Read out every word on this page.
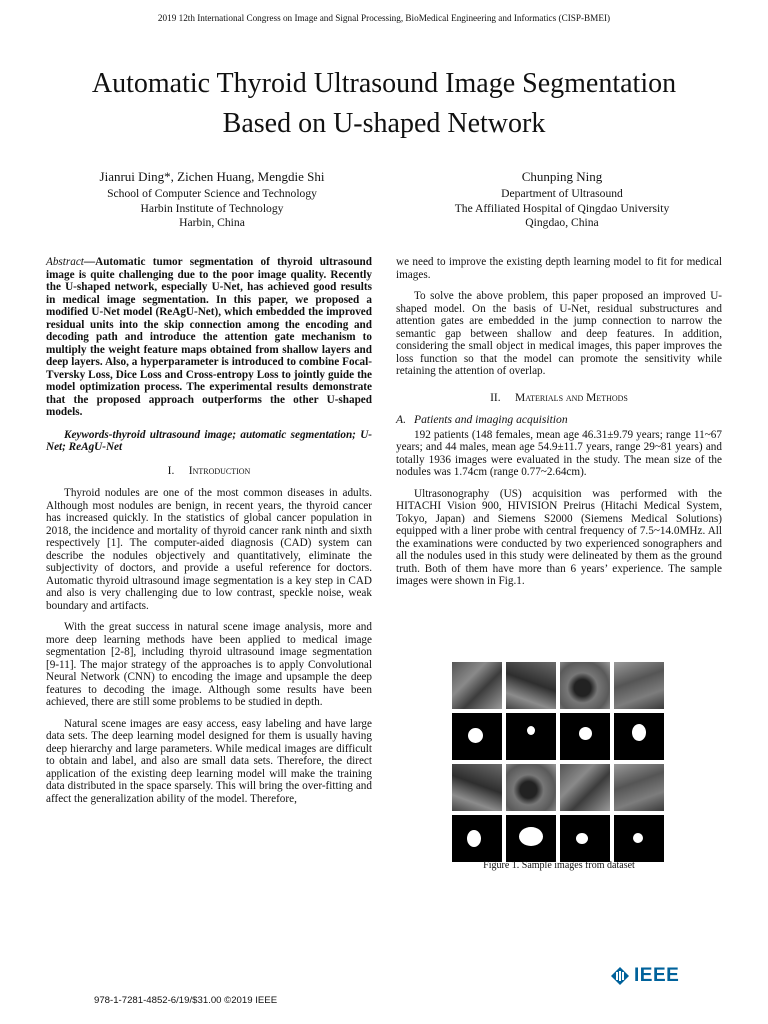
2019 12th International Congress on Image and Signal Processing, BioMedical Engineering and Informatics (CISP-BMEI)
Automatic Thyroid Ultrasound Image Segmentation
Based on U-shaped Network
Jianrui Ding*, Zichen Huang, Mengdie Shi
School of Computer Science and Technology
Harbin Institute of Technology
Harbin, China
Chunping Ning
Department of Ultrasound
The Affiliated Hospital of Qingdao University
Qingdao, China

Abstract—Automatic tumor segmentation of thyroid ultrasound image is quite challenging due to the poor image quality. Recently the U-shaped network, especially U-Net, has achieved good results in medical image segmentation. In this paper, we proposed a modified U-Net model (ReAgU-Net), which embedded the improved residual units into the skip connection among the encoding and decoding path and introduce the attention gate mechanism to multiply the weight feature maps obtained from shallow layers and deep layers. Also, a hyperparameter is introduced to combine Focal-Tversky Loss, Dice Loss and Cross-entropy Loss to jointly guide the model optimization process. The experimental results demonstrate that the proposed approach outperforms the other U-shaped models.

Keywords-thyroid ultrasound image; automatic segmentation; U-Net; ReAgU-Net

I. Introduction

Thyroid nodules are one of the most common diseases in adults. Although most nodules are benign, in recent years, the thyroid cancer has increased quickly. In the statistics of global cancer population in 2018, the incidence and mortality of thyroid cancer rank ninth and sixth respectively [1]. The computer-aided diagnosis (CAD) system can describe the nodules objectively and quantitatively, eliminate the subjectivity of doctors, and provide a useful reference for doctors. Automatic thyroid ultrasound image segmentation is a key step in CAD and also is very challenging due to low contrast, speckle noise, weak boundary and artifacts.

With the great success in natural scene image analysis, more and more deep learning methods have been applied to medical image segmentation [2-8], including thyroid ultrasound image segmentation [9-11]. The major strategy of the approaches is to apply Convolutional Neural Network (CNN) to encoding the image and upsample the deep features to decoding the image. Although some results have been achieved, there are still some problems to be studied in depth.

Natural scene images are easy access, easy labeling and have large data sets. The deep learning model designed for them is usually having deep hierarchy and large parameters. While medical images are difficult to obtain and label, and also are small data sets. Therefore, the direct application of the existing deep learning model will make the training data distributed in the space sparsely. This will bring the over-fitting and affect the generalization ability of the model. Therefore,

we need to improve the existing depth learning model to fit for medical images.

To solve the above problem, this paper proposed an improved U-shaped model. On the basis of U-Net, residual substructures and attention gates are embedded in the jump connection to narrow the semantic gap between shallow and deep features. In addition, considering the small object in medical images, this paper improves the loss function so that the model can promote the sensitivity while retaining the attention of overlap.

II. Materials and Methods
A. Patients and imaging acquisition

192 patients (148 females, mean age 46.31±9.79 years; range 11~67 years; and 44 males, mean age 54.9±11.7 years, range 29~81 years) and totally 1936 images were evaluated in the study. The mean size of the nodules was 1.74cm (range 0.77~2.64cm).

Ultrasonography (US) acquisition was performed with the HITACHI Vision 900, HIVISION Preirus (Hitachi Medical System, Tokyo, Japan) and Siemens S2000 (Siemens Medical Solutions) equipped with a liner probe with central frequency of 7.5~14.0MHz. All the examinations were conducted by two experienced sonographers and all the nodules used in this study were delineated by them as the ground truth. Both of them have more than 6 years’ experience. The sample images were shown in Fig.1.

Figure 1. Sample images from dataset
IEEE
978-1-7281-4852-6/19/$31.00 ©2019 IEEE
